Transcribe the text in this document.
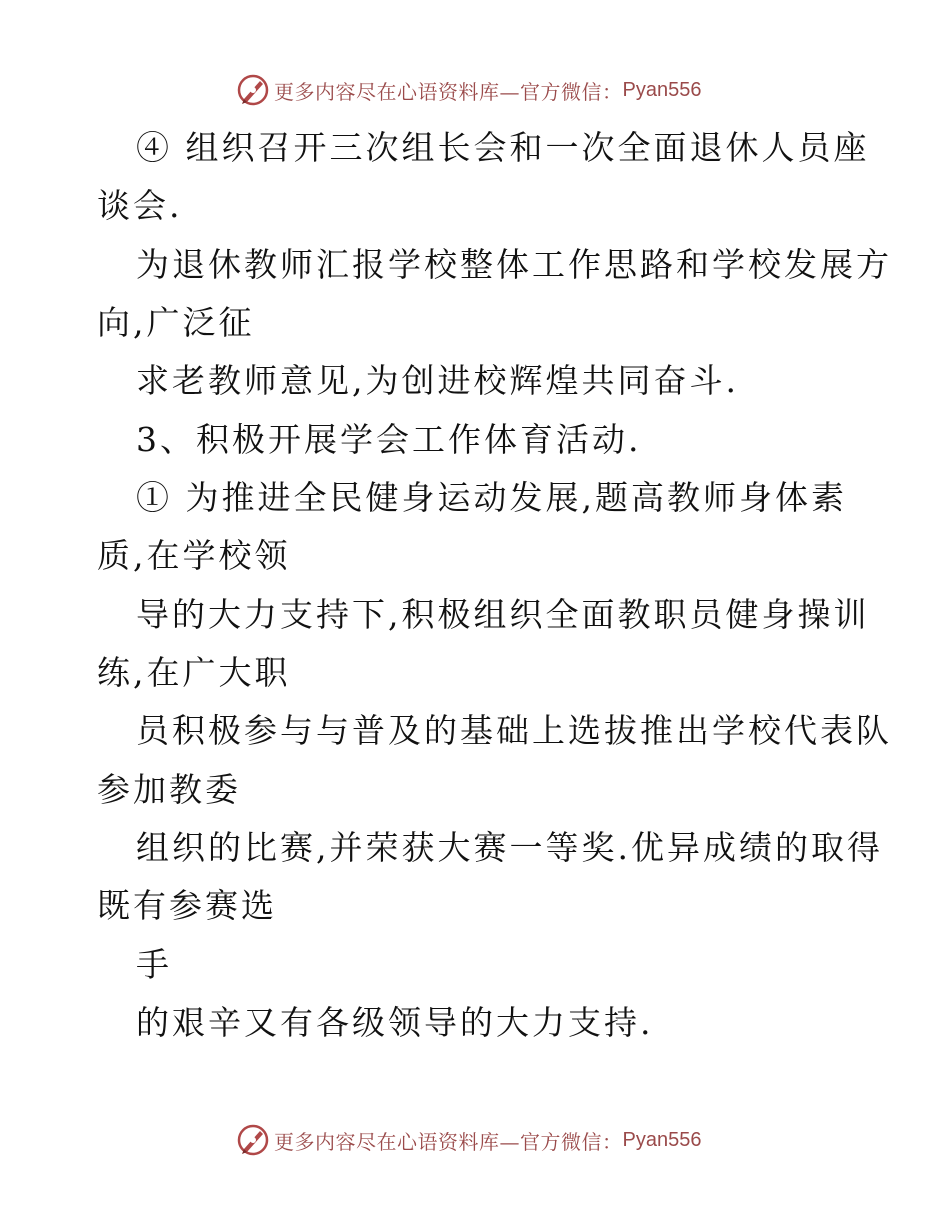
更多内容尽在心语资料库—官方微信： Pyan556
④ 组织召开三次组长会和一次全面退休人员座
谈会.
为退休教师汇报学校整体工作思路和学校发展方
向,广泛征
求老教师意见,为创进校辉煌共同奋斗.
3、积极开展学会工作体育活动.
① 为推进全民健身运动发展,题高教师身体素
质,在学校领
导的大力支持下,积极组织全面教职员健身操训
练,在广大职
员积极参与与普及的基础上选拔推出学校代表队
参加教委
组织的比赛,并荣获大赛一等奖.优异成绩的取得
既有参赛选
手
的艰辛又有各级领导的大力支持.
更多内容尽在心语资料库—官方微信： Pyan556
